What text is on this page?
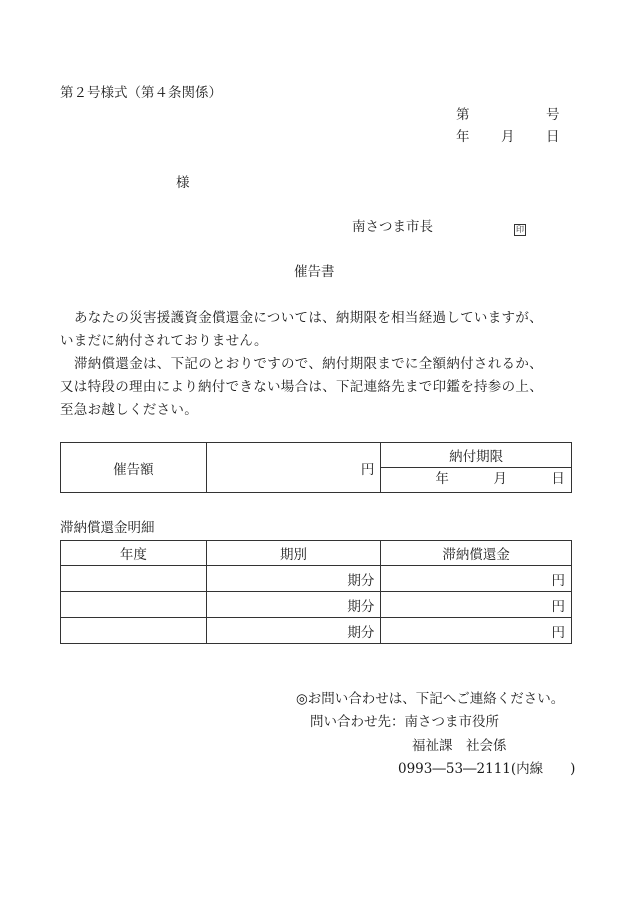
第２号様式（第４条関係）
第	号
年 月 日
様
南さつま市長	印
催告書

あなたの災害援護資金償還金については、納期限を相当経過していますが、

いまだに納付されておりません。

滞納償還金は、下記のとおりですので、納付期限までに全額納付されるか、

又は特段の理由により納付できない場合は、下記連絡先まで印鑑を持参の上、

至急お越しください。

催告額	円	納付期限

年	月	日
滞納償還金明細
年度	期別	滞納償還金
	期分	円
	期分	円
	期分	円
◎お問い合わせは、下記へご連絡ください。
問い合わせ先：南さつま市役所
福祉課　社会係
0993―53―2111(内線　　)
